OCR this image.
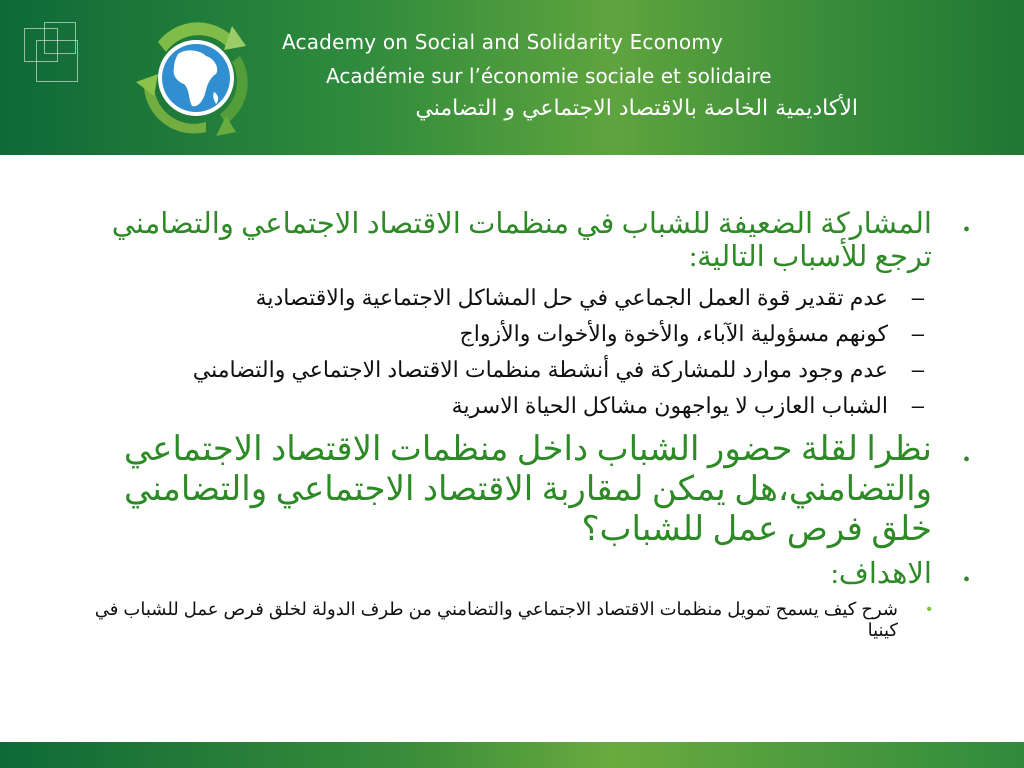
Academy on Social and Solidarity Economy
Académie sur l’économie sociale et solidaire
الأكاديمية الخاصة بالاقتصاد الاجتماعي و التضامني
•
المشاركة الضعيفة للشباب في منظمات الاقتصاد الاجتماعي والتضامني ترجع للأسباب التالية:
–
عدم تقدير قوة العمل الجماعي في حل المشاكل الاجتماعية والاقتصادية
–
كونهم مسؤولية الآباء، والأخوة والأخوات والأزواج
–
عدم وجود موارد للمشاركة في أنشطة منظمات الاقتصاد الاجتماعي والتضامني
–
الشباب العازب لا يواجهون مشاكل الحياة الاسرية
•
نظرا لقلة حضور الشباب داخل منظمات الاقتصاد الاجتماعي والتضامني،هل يمكن لمقاربة الاقتصاد الاجتماعي والتضامني خلق فرص عمل للشباب؟
•
الاهداف:
•
شرح كيف يسمح تمويل منظمات الاقتصاد الاجتماعي والتضامني من طرف الدولة لخلق فرص عمل للشباب في كينيا
